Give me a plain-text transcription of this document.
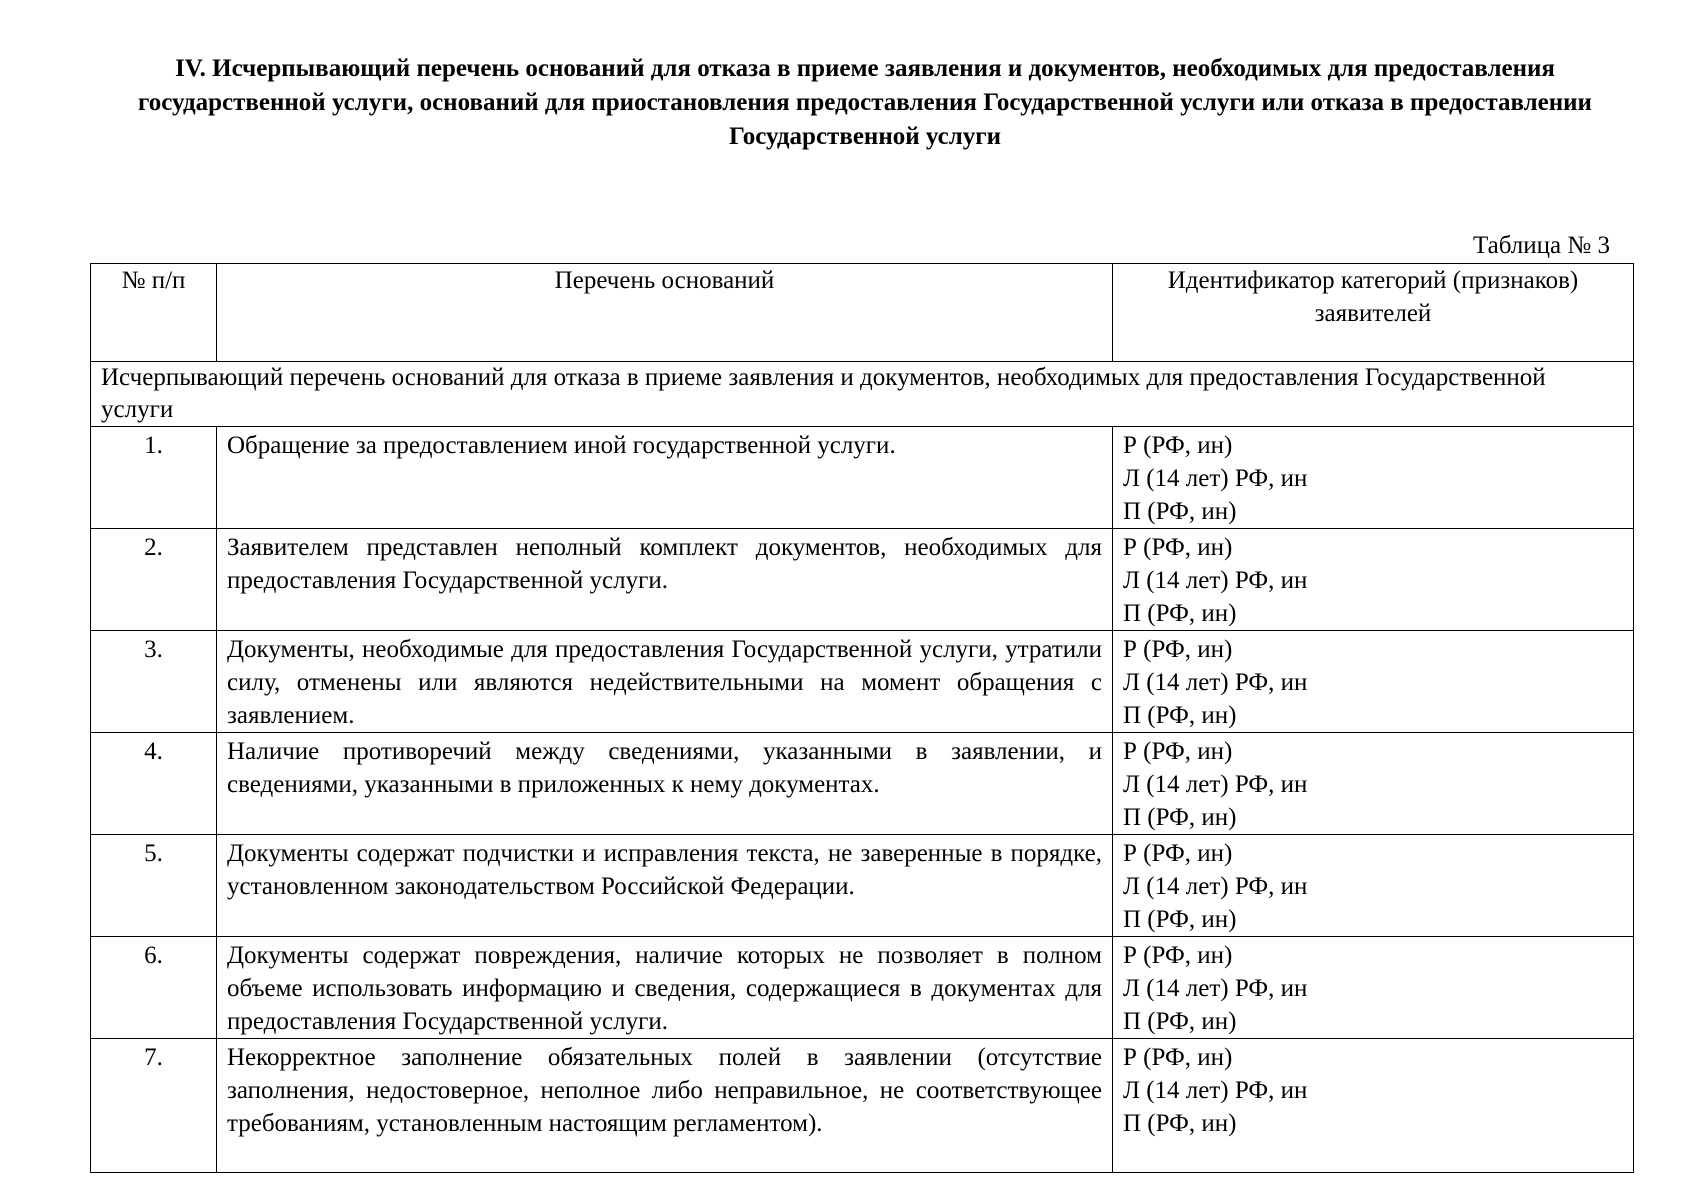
IV. Исчерпывающий перечень оснований для отказа в приеме заявления и документов, необходимых для предоставления государственной услуги, оснований для приостановления предоставления Государственной услуги или отказа в предоставлении Государственной услуги
Таблица № 3
№ п/п	Перечень оснований	Идентификатор категорий (признаков) заявителей
Исчерпывающий перечень оснований для отказа в приеме заявления и документов, необходимых для предоставления Государственной услуги		
1.	Обращение за предоставлением иной государственной услуги.	Р (РФ, ин)
Л (14 лет) РФ, ин
П (РФ, ин)

2.	Заявителем представлен неполный комплект документов, необходимых для предоставления Государственной услуги.	Р (РФ, ин)
Л (14 лет) РФ, ин
П (РФ, ин)

3.	Документы, необходимые для предоставления Государственной услуги, утратили силу, отменены или являются недействительными на момент обращения с заявлением.	Р (РФ, ин)
Л (14 лет) РФ, ин
П (РФ, ин)

4.	Наличие противоречий между сведениями, указанными в заявлении, и сведениями, указанными в приложенных к нему документах.	Р (РФ, ин)
Л (14 лет) РФ, ин
П (РФ, ин)

5.	Документы содержат подчистки и исправления текста, не заверенные в порядке, установленном законодательством Российской Федерации.	Р (РФ, ин)
Л (14 лет) РФ, ин
П (РФ, ин)

6.	Документы содержат повреждения, наличие которых не позволяет в полном объеме использовать информацию и сведения, содержащиеся в документах для предоставления Государственной услуги.	Р (РФ, ин)
Л (14 лет) РФ, ин
П (РФ, ин)

7.	Некорректное заполнение обязательных полей в заявлении (отсутствие заполнения, недостоверное, неполное либо неправильное, не соответствующее требованиям, установленным настоящим регламентом).	Р (РФ, ин)
Л (14 лет) РФ, ин
П (РФ, ин)
